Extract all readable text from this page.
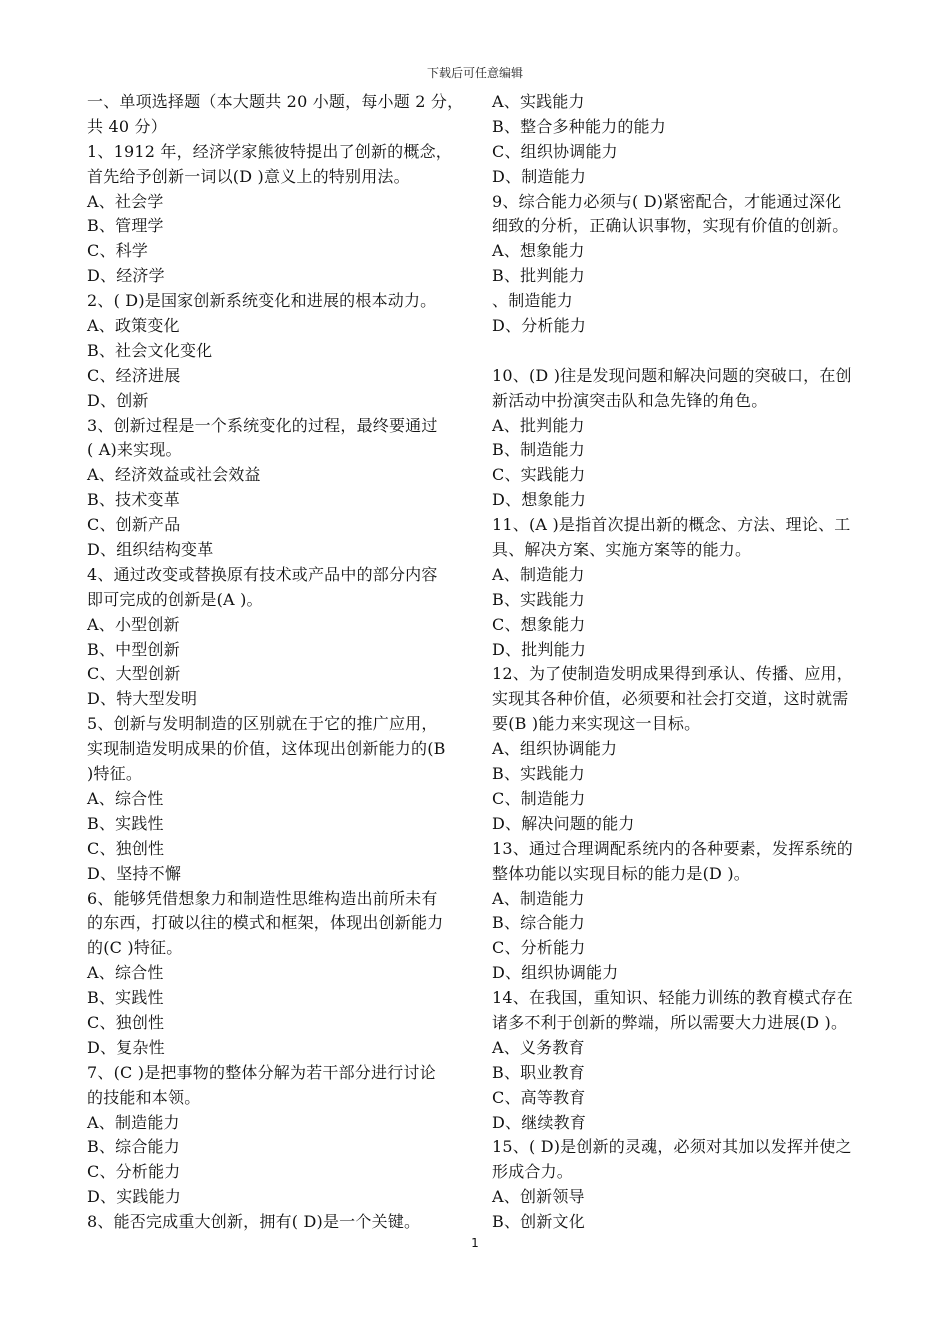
下载后可任意编辑
一、单项选择题（本大题共 20 小题，每小题 2 分，
共 40 分）
1、1912 年，经济学家熊彼特提出了创新的概念，
首先给予创新一词以(D )意义上的特别用法。
A、社会学
B、管理学
C、科学
D、经济学
2、( D)是国家创新系统变化和进展的根本动力。
A、政策变化
B、社会文化变化
C、经济进展
D、创新
3、创新过程是一个系统变化的过程，最终要通过
( A)来实现。
A、经济效益或社会效益
B、技术变革
C、创新产品
D、组织结构变革
4、通过改变或替换原有技术或产品中的部分内容
即可完成的创新是(A )。
A、小型创新
B、中型创新
C、大型创新
D、特大型发明
5、创新与发明制造的区别就在于它的推广应用，
实现制造发明成果的价值，这体现出创新能力的(B
)特征。
A、综合性
B、实践性
C、独创性
D、坚持不懈
6、能够凭借想象力和制造性思维构造出前所未有
的东西，打破以往的模式和框架，体现出创新能力
的(C )特征。
A、综合性
B、实践性
C、独创性
D、复杂性
7、(C )是把事物的整体分解为若干部分进行讨论
的技能和本领。
A、制造能力
B、综合能力
C、分析能力
D、实践能力
8、能否完成重大创新，拥有( D)是一个关键。
A、实践能力
B、整合多种能力的能力
C、组织协调能力
D、制造能力
9、综合能力必须与( D)紧密配合，才能通过深化
细致的分析，正确认识事物，实现有价值的创新。
A、想象能力
B、批判能力
、制造能力
D、分析能力
10、(D )往是发现问题和解决问题的突破口，在创
新活动中扮演突击队和急先锋的角色。
A、批判能力
B、制造能力
C、实践能力
D、想象能力
11、(A )是指首次提出新的概念、方法、理论、工
具、解决方案、实施方案等的能力。
A、制造能力
B、实践能力
C、想象能力
D、批判能力
12、为了使制造发明成果得到承认、传播、应用，
实现其各种价值，必须要和社会打交道，这时就需
要(B )能力来实现这一目标。
A、组织协调能力
B、实践能力
C、制造能力
D、解决问题的能力
13、通过合理调配系统内的各种要素，发挥系统的
整体功能以实现目标的能力是(D )。
A、制造能力
B、综合能力
C、分析能力
D、组织协调能力
14、在我国，重知识、轻能力训练的教育模式存在
诸多不利于创新的弊端，所以需要大力进展(D )。
A、义务教育
B、职业教育
C、高等教育
D、继续教育
15、( D)是创新的灵魂，必须对其加以发挥并使之
形成合力。
A、创新领导
B、创新文化
1
